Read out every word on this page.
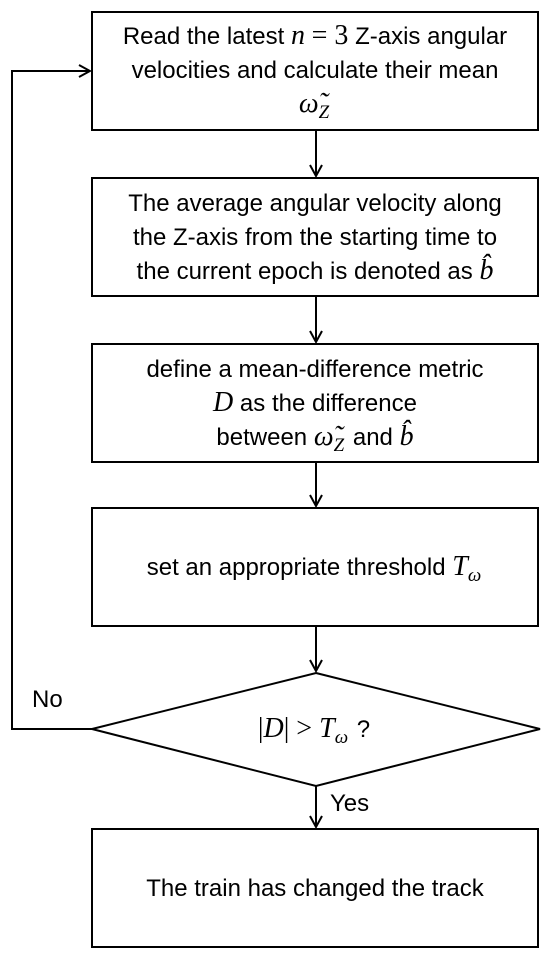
Read the latest n = 3 Z-axis angular velocities and calculate their mean $\omegã_Z$ 
The average angular velocity along the Z-axis from the starting time to the current epoch is denoted as b̂
define a mean-difference metric D as the difference between $\omegã_Z$  and b̂
set an appropriate threshold $T_\omega$ 
$|D| > T_\omega$  ?
The train has changed the track
No
Yes
